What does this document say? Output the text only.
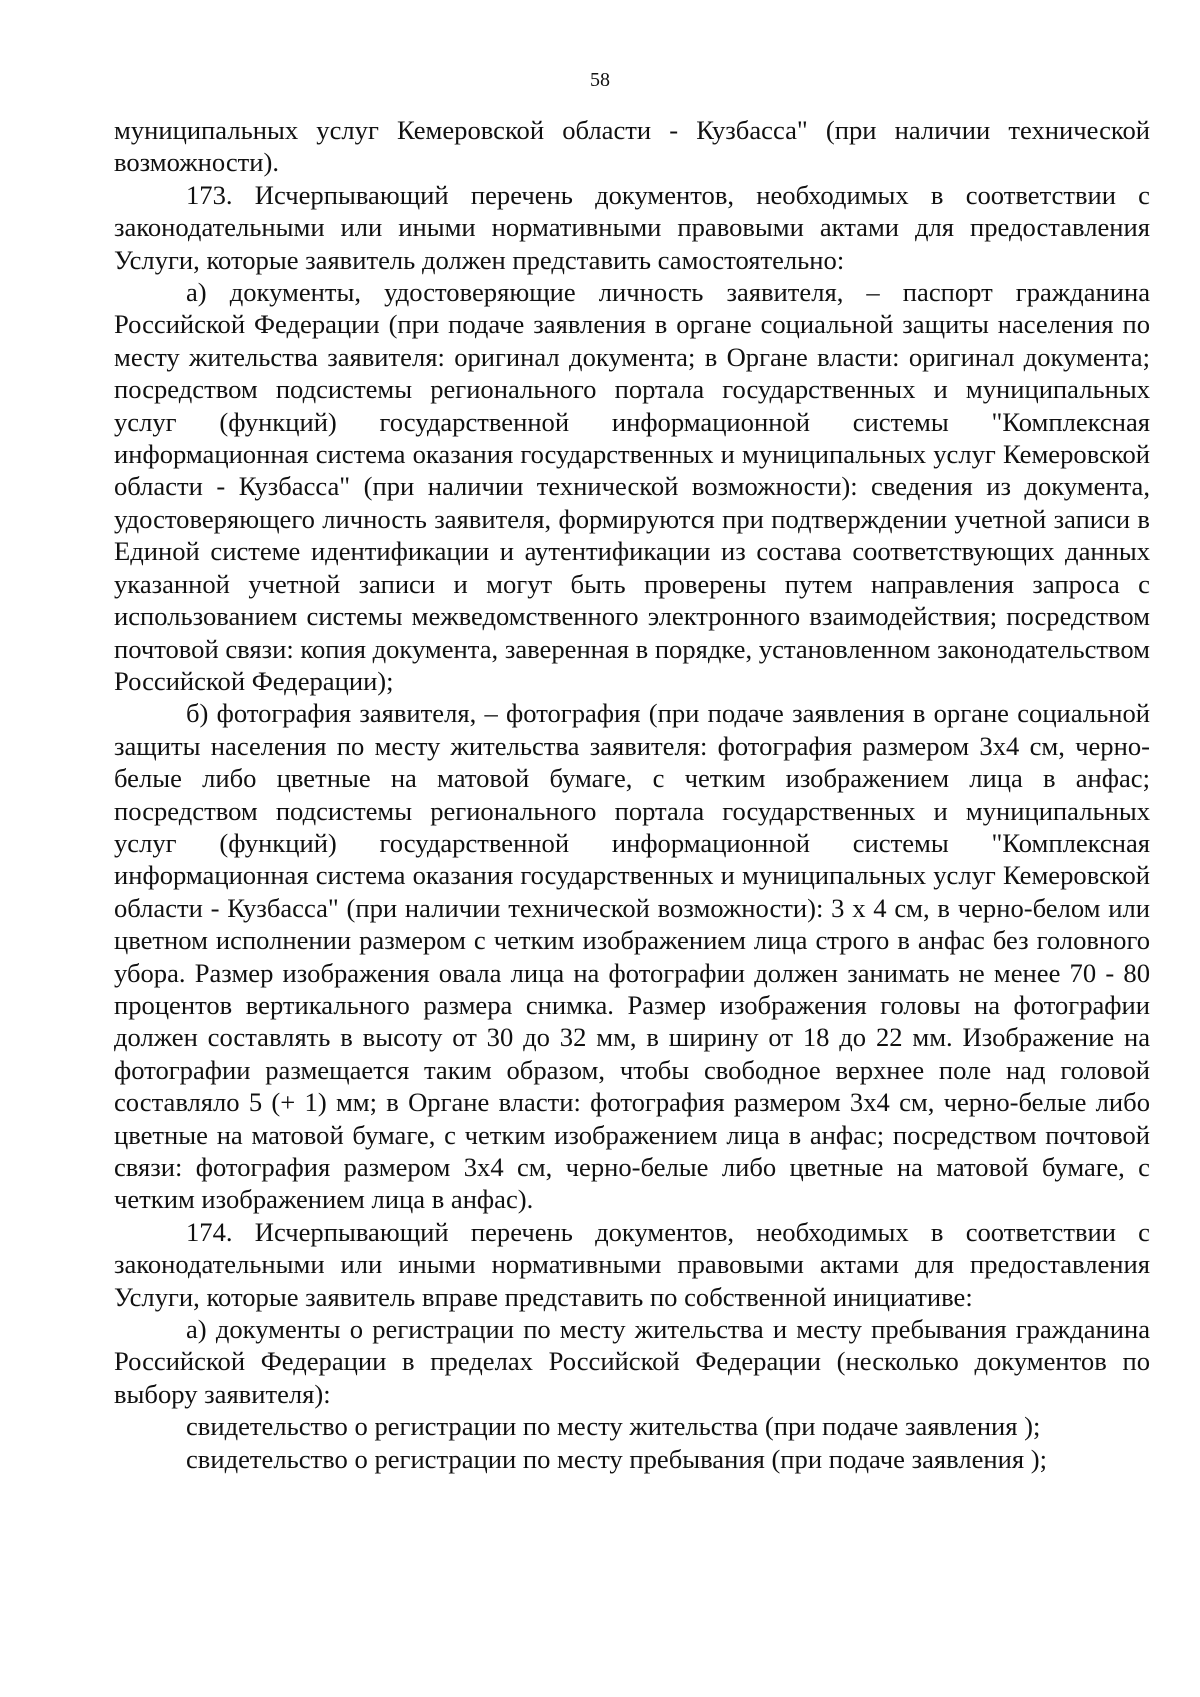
58

муниципальных услуг Кемеровской области - Кузбасса" (при наличии технической возможности).

173. Исчерпывающий перечень документов, необходимых в соответствии с законодательными или иными нормативными правовыми актами для предоставления Услуги, которые заявитель должен представить самостоятельно:

а) документы, удостоверяющие личность заявителя, – паспорт гражданина Российской Федерации (при подаче заявления в органе социальной защиты населения по месту жительства заявителя: оригинал документа; в Органе власти: оригинал документа; посредством подсистемы регионального портала государственных и муниципальных услуг (функций) государственной информационной системы "Комплексная информационная система оказания государственных и муниципальных услуг Кемеровской области - Кузбасса" (при наличии технической возможности): сведения из документа, удостоверяющего личность заявителя, формируются при подтверждении учетной записи в Единой системе идентификации и аутентификации из состава соответствующих данных указанной учетной записи и могут быть проверены путем направления запроса с использованием системы межведомственного электронного взаимодействия; посредством почтовой связи: копия документа, заверенная в порядке, установленном законодательством Российской Федерации);

б) фотография заявителя, – фотография (при подаче заявления в органе социальной защиты населения по месту жительства заявителя: фотография размером 3x4 см, черно-белые либо цветные на матовой бумаге, с четким изображением лица в анфас; посредством подсистемы регионального портала государственных и муниципальных услуг (функций) государственной информационной системы "Комплексная информационная система оказания государственных и муниципальных услуг Кемеровской области - Кузбасса" (при наличии технической возможности): 3 x 4 см, в черно-белом или цветном исполнении размером с четким изображением лица строго в анфас без головного убора. Размер изображения овала лица на фотографии должен занимать не менее 70 - 80 процентов вертикального размера снимка. Размер изображения головы на фотографии должен составлять в высоту от 30 до 32 мм, в ширину от 18 до 22 мм. Изображение на фотографии размещается таким образом, чтобы свободное верхнее поле над головой составляло 5 (+ 1) мм; в Органе власти: фотография размером 3x4 см, черно-белые либо цветные на матовой бумаге, с четким изображением лица в анфас; посредством почтовой связи: фотография размером 3x4 см, черно-белые либо цветные на матовой бумаге, с четким изображением лица в анфас).

174. Исчерпывающий перечень документов, необходимых в соответствии с законодательными или иными нормативными правовыми актами для предоставления Услуги, которые заявитель вправе представить по собственной инициативе:

а) документы о регистрации по месту жительства и месту пребывания гражданина Российской Федерации в пределах Российской Федерации (несколько документов по выбору заявителя):

свидетельство о регистрации по месту жительства (при подаче заявления );

свидетельство о регистрации по месту пребывания (при подаче заявления );
